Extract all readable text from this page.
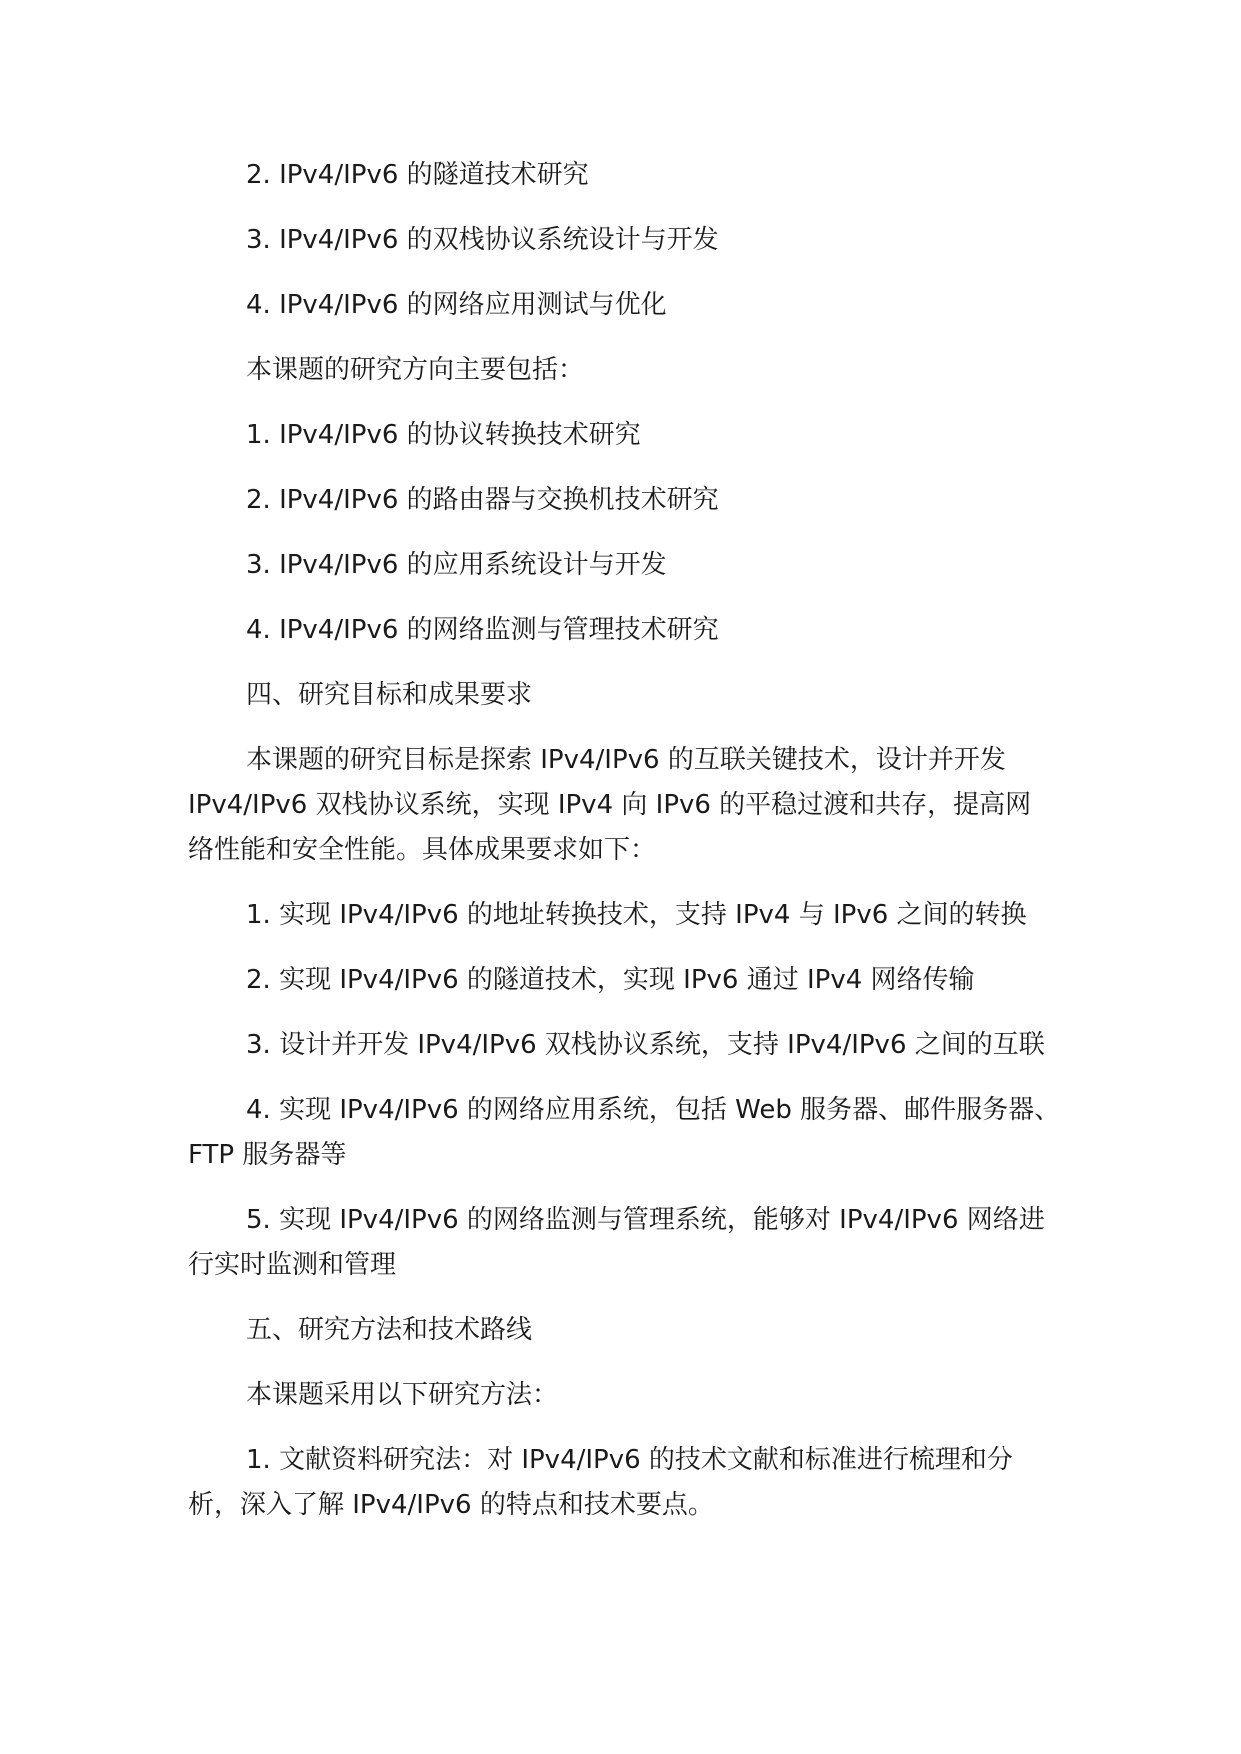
2. IPv4/IPv6 的隧道技术研究
3. IPv4/IPv6 的双栈协议系统设计与开发
4. IPv4/IPv6 的网络应用测试与优化
本课题的研究方向主要包括：
1. IPv4/IPv6 的协议转换技术研究
2. IPv4/IPv6 的路由器与交换机技术研究
3. IPv4/IPv6 的应用系统设计与开发
4. IPv4/IPv6 的网络监测与管理技术研究
四、研究目标和成果要求
本课题的研究目标是探索 IPv4/IPv6 的互联关键技术，设计并开发
IPv4/IPv6 双栈协议系统，实现 IPv4 向 IPv6 的平稳过渡和共存，提高网
络性能和安全性能。具体成果要求如下：
1. 实现 IPv4/IPv6 的地址转换技术，支持 IPv4 与 IPv6 之间的转换
2. 实现 IPv4/IPv6 的隧道技术，实现 IPv6 通过 IPv4 网络传输
3. 设计并开发 IPv4/IPv6 双栈协议系统，支持 IPv4/IPv6 之间的互联
4. 实现 IPv4/IPv6 的网络应用系统，包括 Web 服务器、邮件服务器、
FTP 服务器等
5. 实现 IPv4/IPv6 的网络监测与管理系统，能够对 IPv4/IPv6 网络进
行实时监测和管理
五、研究方法和技术路线
本课题采用以下研究方法：
1. 文献资料研究法：对 IPv4/IPv6 的技术文献和标准进行梳理和分
析，深入了解 IPv4/IPv6 的特点和技术要点。
